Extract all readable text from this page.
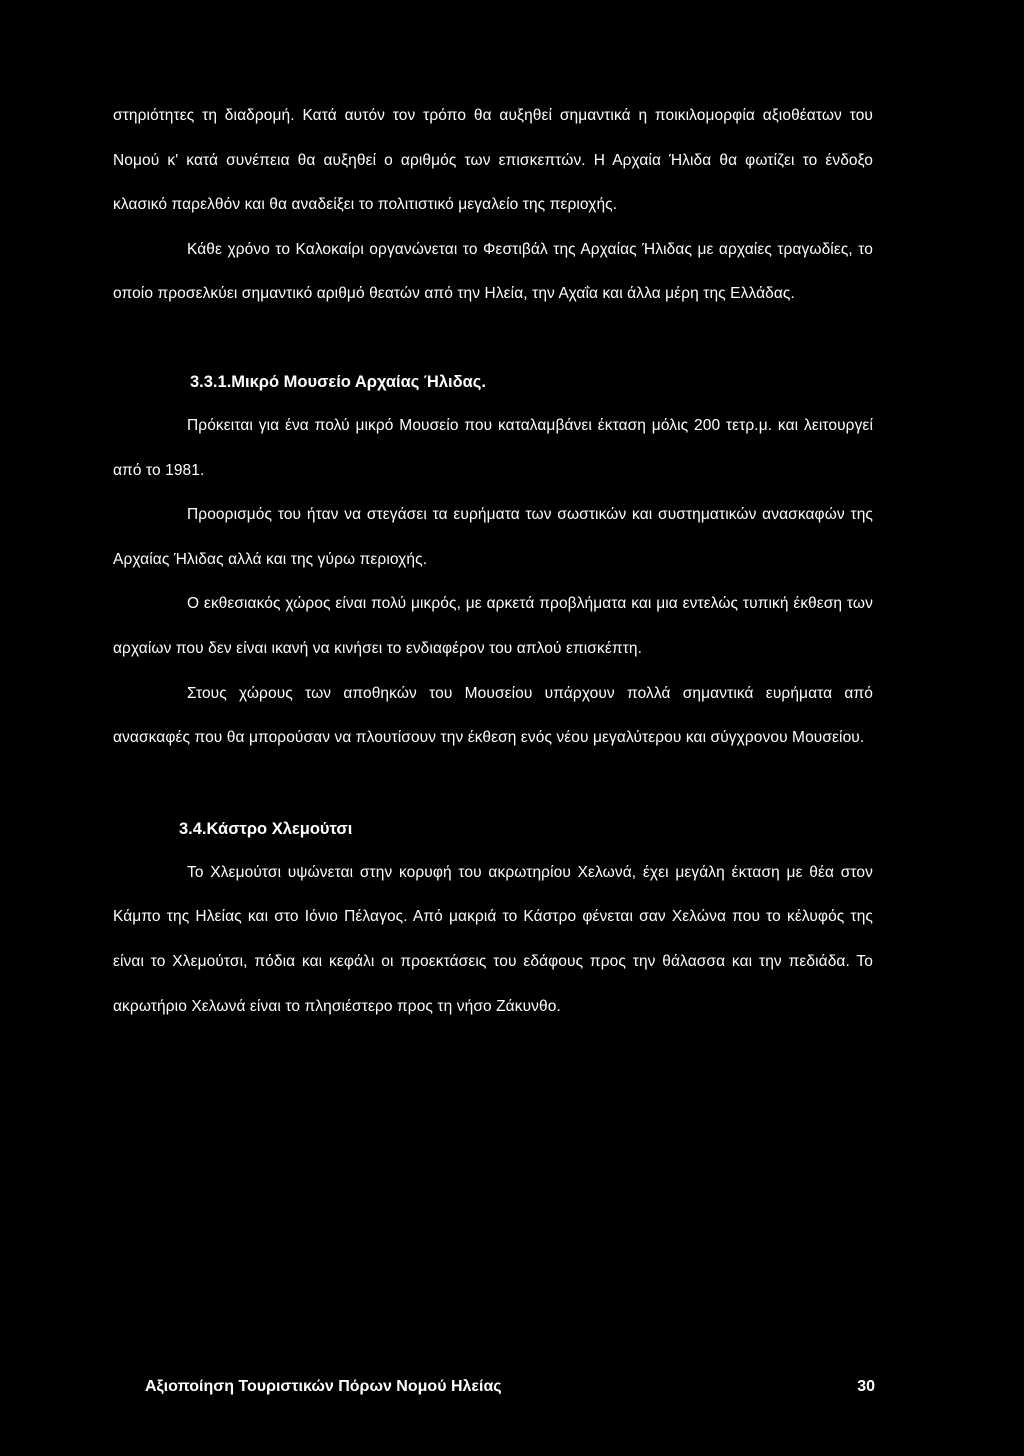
στηριότητες τη διαδρομή. Κατά αυτόν τον τρόπο θα αυξηθεί σημαντικά η ποικιλομορφία αξιοθέατων του Νομού κ' κατά συνέπεια θα αυξηθεί ο αριθμός των επισκεπτών. Η Αρχαία Ήλιδα θα φωτίζει το ένδοξο κλασικό παρελθόν και θα αναδείξει το πολιτιστικό μεγαλείο της περιοχής.

Κάθε χρόνο το Καλοκαίρι οργανώνεται το Φεστιβάλ της Αρχαίας Ήλιδας με αρχαίες τραγωδίες, το οποίο προσελκύει σημαντικό αριθμό θεατών από την Ηλεία, την Αχαΐα και άλλα μέρη της Ελλάδας.

3.3.1.Μικρό Μουσείο Αρχαίας Ήλιδας.

Πρόκειται για ένα πολύ μικρό Μουσείο που καταλαμβάνει έκταση μόλις 200 τετρ.μ. και λειτουργεί από το 1981.

Προορισμός του ήταν να στεγάσει τα ευρήματα των σωστικών και συστηματικών ανασκαφών της Αρχαίας Ήλιδας αλλά και της γύρω περιοχής.

Ο εκθεσιακός χώρος είναι πολύ μικρός, με αρκετά προβλήματα και μια εντελώς τυπική έκθεση των αρχαίων που δεν είναι ικανή να κινήσει το ενδιαφέρον του απλού επισκέπτη.

Στους χώρους των αποθηκών του Μουσείου υπάρχουν πολλά σημαντικά ευρήματα από ανασκαφές που θα μπορούσαν να πλουτίσουν την έκθεση ενός νέου μεγαλύτερου και σύγχρονου Μουσείου.

3.4.Κάστρο Χλεμούτσι

Το Χλεμούτσι υψώνεται στην κορυφή του ακρωτηρίου Χελωνά, έχει μεγάλη έκταση με θέα στον Κάμπο της Ηλείας και στο Ιόνιο Πέλαγος. Από μακριά το Κάστρο φένεται σαν Χελώνα που το κέλυφός της είναι το Χλεμούτσι, πόδια και κεφάλι οι προεκτάσεις του εδάφους προς την θάλασσα και την πεδιάδα. Το ακρωτήριο Χελωνά είναι το πλησιέστερο προς τη νήσο Ζάκυνθο.

Αξιοποίηση Τουριστικών Πόρων Νομού Ηλείας	30
